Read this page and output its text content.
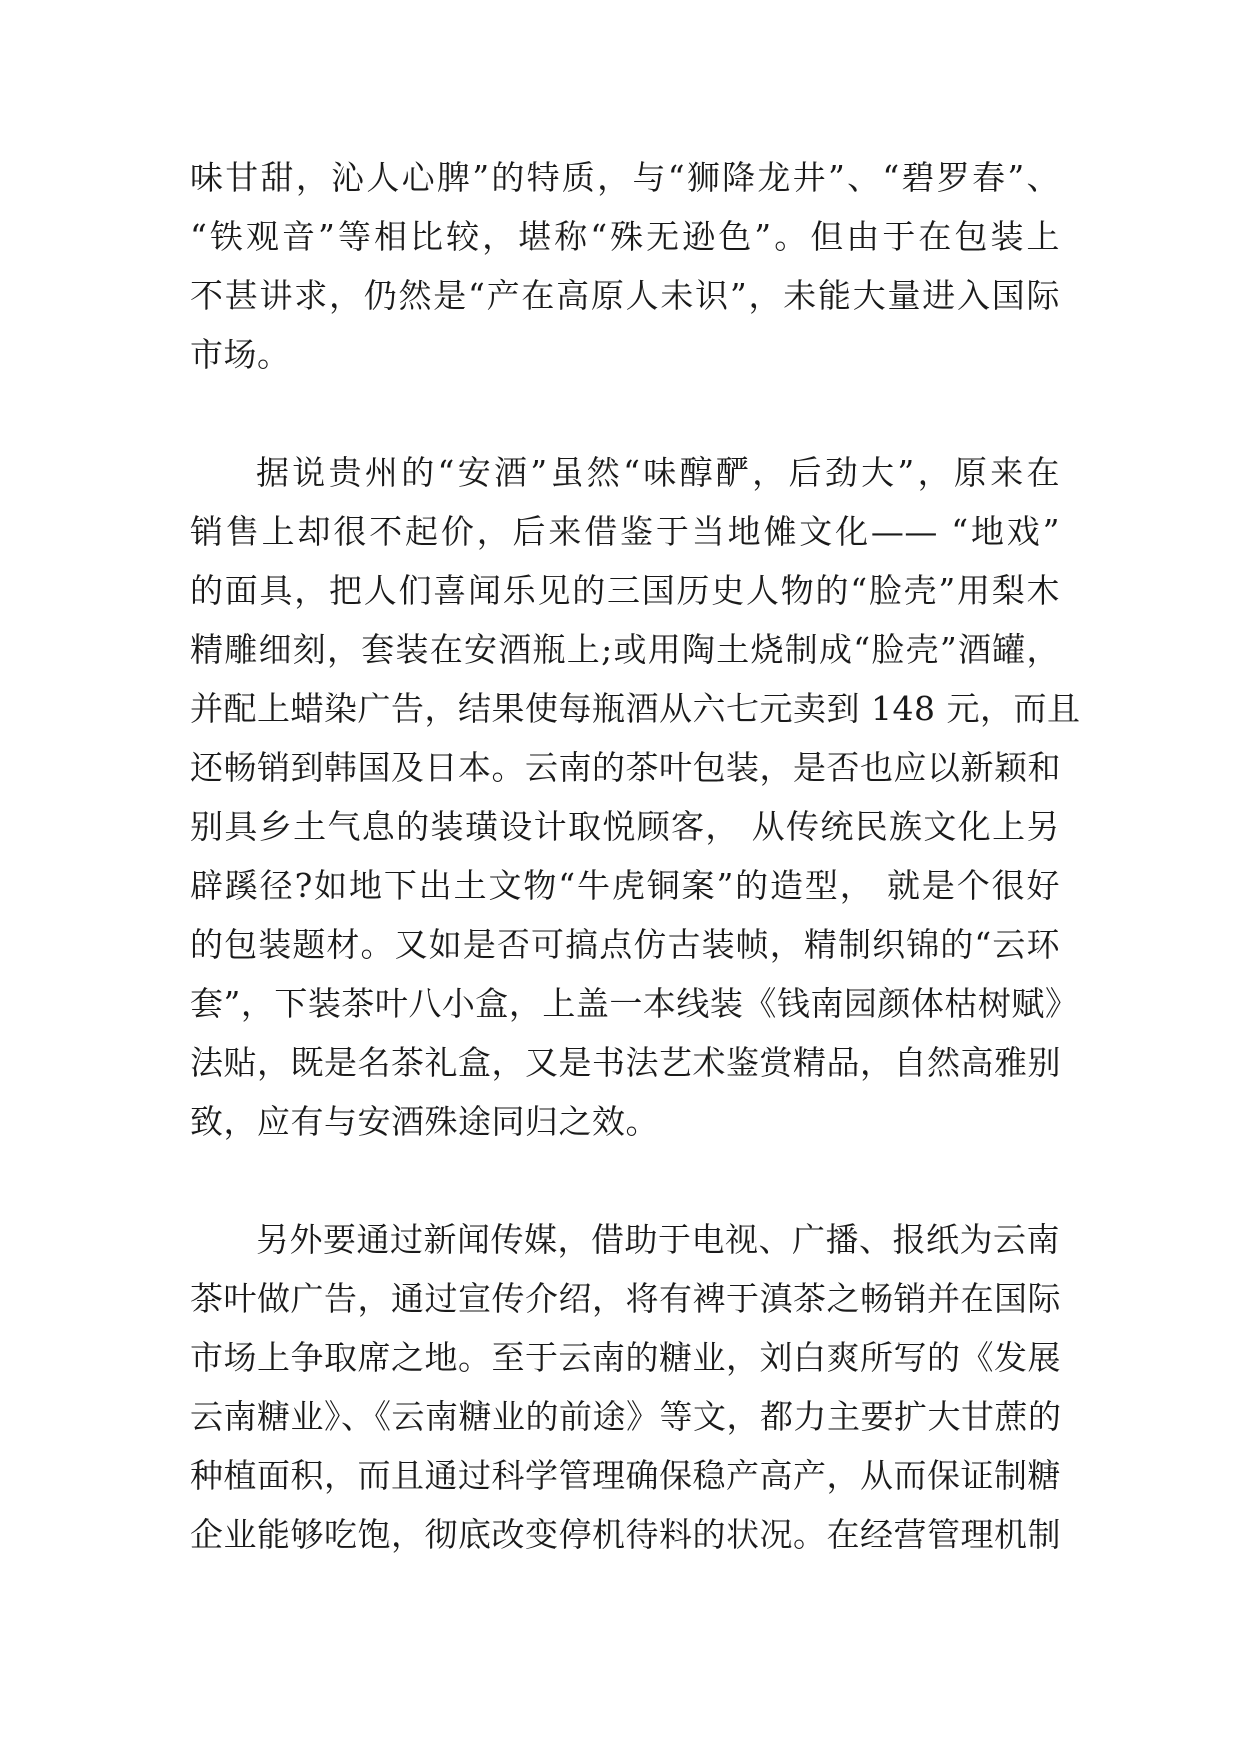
味甘甜，沁人心脾”的特质，与“狮降龙井”、“碧罗春”、
“铁观音”等相比较，堪称“殊无逊色”。但由于在包装上
不甚讲求，仍然是“产在高原人未识”，未能大量进入国际
市场。
据说贵州的“安酒”虽然“味醇酽，后劲大”，原来在
销售上却很不起价，后来借鉴于当地傩文化—— “地戏”
的面具，把人们喜闻乐见的三国历史人物的“脸壳”用梨木
精雕细刻，套装在安酒瓶上;或用陶土烧制成“脸壳”酒罐，
并配上蜡染广告，结果使每瓶酒从六七元卖到 148 元，而且
还畅销到韩国及日本。云南的茶叶包装，是否也应以新颖和
别具乡土气息的装璜设计取悦顾客， 从传统民族文化上另
辟蹊径?如地下出土文物“牛虎铜案”的造型， 就是个很好
的包装题材。又如是否可搞点仿古装帧，精制织锦的“云环
套”，下装茶叶八小盒，上盖一本线装《钱南园颜体枯树赋》
法贴，既是名茶礼盒，又是书法艺术鉴赏精品，自然高雅别
致，应有与安酒殊途同归之效。
另外要通过新闻传媒，借助于电视、广播、报纸为云南
茶叶做广告，通过宣传介绍，将有裨于滇茶之畅销并在国际
市场上争取席之地。至于云南的糖业，刘白爽所写的《发展
云南糖业》、《云南糖业的前途》等文，都力主要扩大甘蔗的
种植面积，而且通过科学管理确保稳产高产，从而保证制糖
企业能够吃饱，彻底改变停机待料的状况。在经营管理机制
